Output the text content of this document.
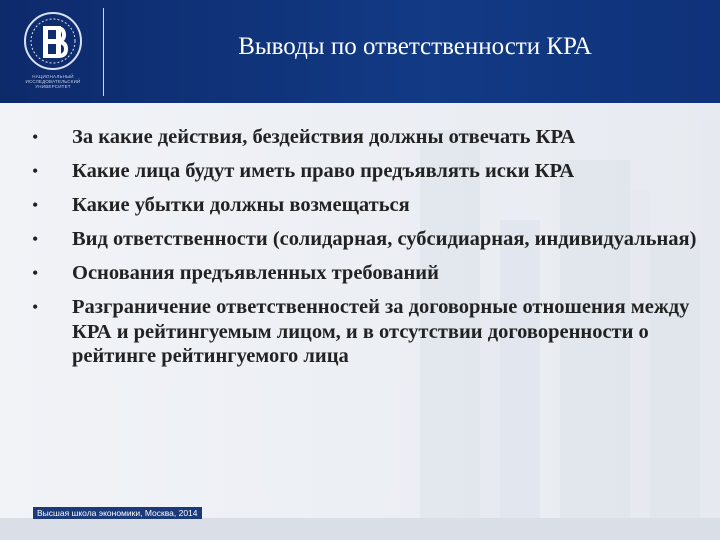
НАЦИОНАЛЬНЫЙ ИССЛЕДОВАТЕЛЬСКИЙ УНИВЕРСИТЕТ
Выводы по ответственности КРА
• За какие действия, бездействия должны отвечать КРА
• Какие лица будут иметь право предъявлять иски КРА
• Какие убытки должны возмещаться
• Вид ответственности (солидарная, субсидиарная, индивидуальная)
• Основания предъявленных требований
• Разграничение ответственностей за договорные отношения между КРА и рейтингуемым лицом, и в отсутствии договоренности о рейтинге рейтингуемого лица
Высшая школа экономики, Москва, 2014
